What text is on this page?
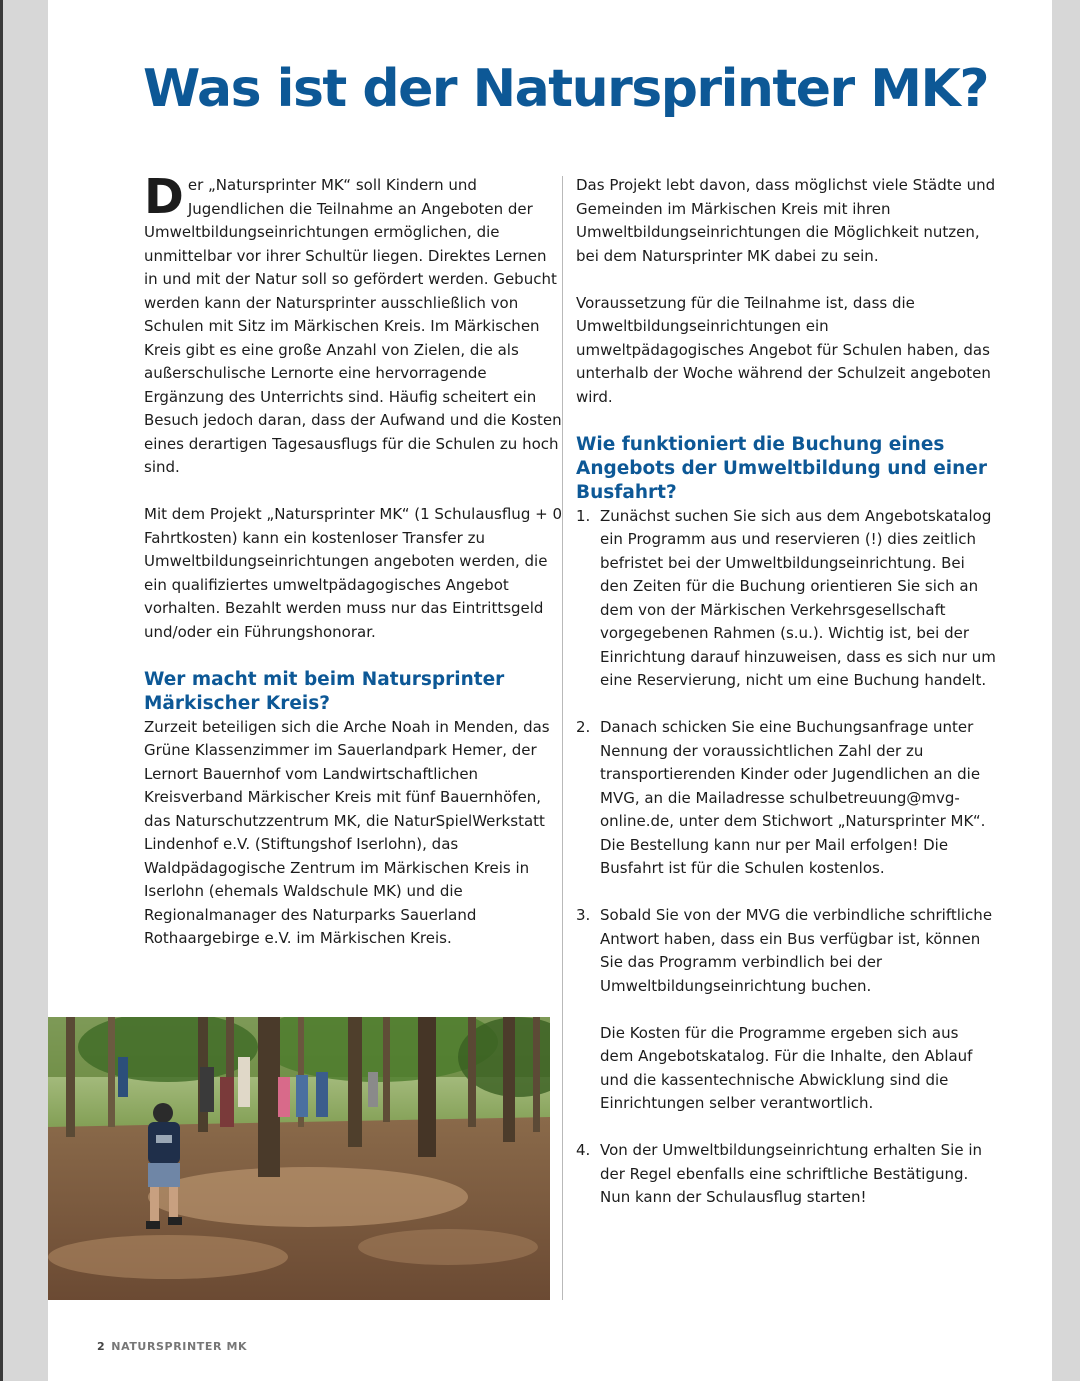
Was ist der Natursprinter MK?

Der „Natursprinter MK“ soll Kindern und Jugendlichen die Teilnahme an Angeboten der Umweltbildungseinrichtungen ermöglichen, die unmittelbar vor ihrer Schultür liegen. Direktes Lernen in und mit der Natur soll so gefördert werden. Gebucht werden kann der Natursprinter ausschließlich von Schulen mit Sitz im Märkischen Kreis. Im Märkischen Kreis gibt es eine große Anzahl von Zielen, die als außerschulische Lernorte eine hervorragende Ergänzung des Unterrichts sind. Häufig scheitert ein Besuch jedoch daran, dass der Aufwand und die Kosten eines derartigen Tagesausflugs für die Schulen zu hoch sind.

Mit dem Projekt „Natursprinter MK“ (1 Schulausflug + 0 Fahrtkosten) kann ein kostenloser Transfer zu Umweltbildungseinrichtungen angeboten werden, die ein qualifiziertes umweltpädagogisches Angebot vorhalten. Bezahlt werden muss nur das Eintrittsgeld und/oder ein Führungshonorar.

Wer macht mit beim Natursprinter Märkischer Kreis?

Zurzeit beteiligen sich die Arche Noah in Menden, das Grüne Klassenzimmer im Sauerlandpark Hemer, der Lernort Bauernhof vom Landwirtschaftlichen Kreisverband Märkischer Kreis mit fünf Bauernhöfen, das Naturschutzzentrum MK, die NaturSpielWerkstatt Lindenhof e.V. (Stiftungshof Iserlohn), das Waldpädagogische Zentrum im Märkischen Kreis in Iserlohn (ehemals Waldschule MK) und die Regionalmanager des Naturparks Sauerland Rothaargebirge e.V. im Märkischen Kreis.

Das Projekt lebt davon, dass möglichst viele Städte und Gemeinden im Märkischen Kreis mit ihren Umweltbildungseinrichtungen die Möglichkeit nutzen, bei dem Natursprinter MK dabei zu sein.

Voraussetzung für die Teilnahme ist, dass die Umweltbildungseinrichtungen ein umweltpädagogisches Angebot für Schulen haben, das unterhalb der Woche während der Schulzeit angeboten wird.

Wie funktioniert die Buchung eines Angebots der Umweltbildung und einer Busfahrt?
1. Zunächst suchen Sie sich aus dem Angebotskatalog ein Programm aus und reservieren (!) dies zeitlich befristet bei der Umweltbildungseinrichtung. Bei den Zeiten für die Buchung orientieren Sie sich an dem von der Märkischen Verkehrsgesellschaft vorgegebenen Rahmen (s.u.). Wichtig ist, bei der Einrichtung darauf hinzuweisen, dass es sich nur um eine Reservierung, nicht um eine Buchung handelt.

2. Danach schicken Sie eine Buchungsanfrage unter Nennung der voraussichtlichen Zahl der zu transportierenden Kinder oder Jugendlichen an die MVG, an die Mailadresse schulbetreuung@mvg-online.de, unter dem Stichwort „Natursprinter MK“. Die Bestellung kann nur per Mail erfolgen! Die Busfahrt ist für die Schulen kostenlos.

3. Sobald Sie von der MVG die verbindliche schriftliche Antwort haben, dass ein Bus verfügbar ist, können Sie das Programm verbindlich bei der Umweltbildungseinrichtung buchen.

Die Kosten für die Programme ergeben sich aus dem Angebotskatalog. Für die Inhalte, den Ablauf und die kassentechnische Abwicklung sind die Einrichtungen selber verantwortlich.

4. Von der Umweltbildungseinrichtung erhalten Sie in der Regel ebenfalls eine schriftliche Bestätigung. Nun kann der Schulausflug starten!

2 NATURSPRINTER MK
